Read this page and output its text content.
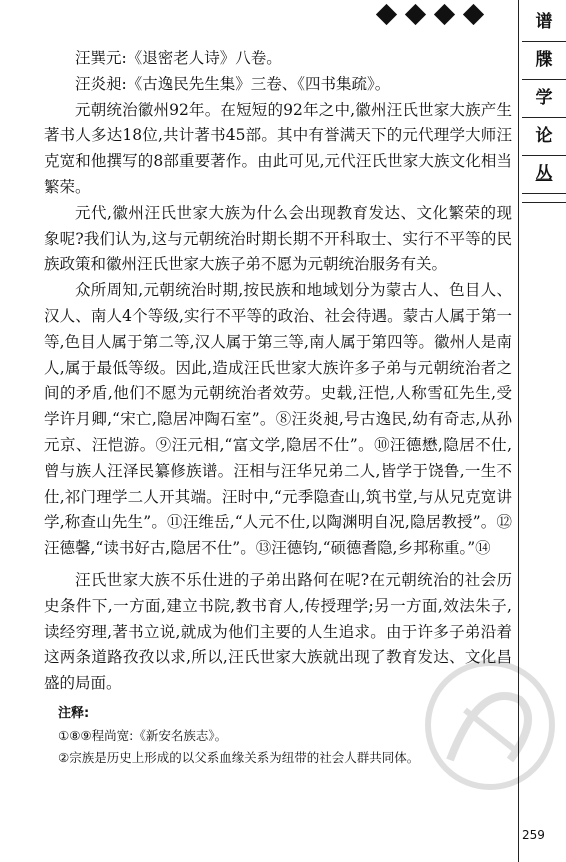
谱
牒
学
论
丛

汪巽元:《退密老人诗》八卷。

汪炎昶:《古逸民先生集》三卷、《四书集疏》。

元朝统治徽州92年。在短短的92年之中,徽州汪氏世家大族产生著书人多达18位,共计著书45部。其中有誉满天下的元代理学大师汪克宽和他撰写的8部重要著作。由此可见,元代汪氏世家大族文化相当繁荣。

元代,徽州汪氏世家大族为什么会出现教育发达、文化繁荣的现象呢?我们认为,这与元朝统治时期长期不开科取士、实行不平等的民族政策和徽州汪氏世家大族子弟不愿为元朝统治服务有关。

众所周知,元朝统治时期,按民族和地域划分为蒙古人、色目人、汉人、南人4个等级,实行不平等的政治、社会待遇。蒙古人属于第一等,色目人属于第二等,汉人属于第三等,南人属于第四等。徽州人是南人,属于最低等级。因此,造成汪氏世家大族许多子弟与元朝统治者之间的矛盾,他们不愿为元朝统治者效劳。史载,汪恺,人称雪矼先生,受学许月卿,“宋亡,隐居冲陶石室”。⑧汪炎昶,号古逸民,幼有奇志,从孙元京、汪恺游。⑨汪元相,“富文学,隐居不仕”。⑩汪德懋,隐居不仕,曾与族人汪泽民纂修族谱。汪相与汪华兄弟二人,皆学于饶鲁,一生不仕,祁门理学二人开其端。汪时中,“元季隐查山,筑书堂,与从兄克宽讲学,称查山先生”。⑪汪维岳,“人元不仕,以陶渊明自况,隐居教授”。⑫汪德馨,“读书好古,隐居不仕”。⑬汪德钧,“硕德耆隐,乡邦称重。”⑭

汪氏世家大族不乐仕进的子弟出路何在呢?在元朝统治的社会历史条件下,一方面,建立书院,教书育人,传授理学;另一方面,效法朱子,读经穷理,著书立说,就成为他们主要的人生追求。由于许多子弟沿着这两条道路孜孜以求,所以,汪氏世家大族就出现了教育发达、文化昌盛的局面。

注释:
①⑧⑨程尚宽:《新安名族志》。
②宗族是历史上形成的以父系血缘关系为纽带的社会人群共同体。
259
